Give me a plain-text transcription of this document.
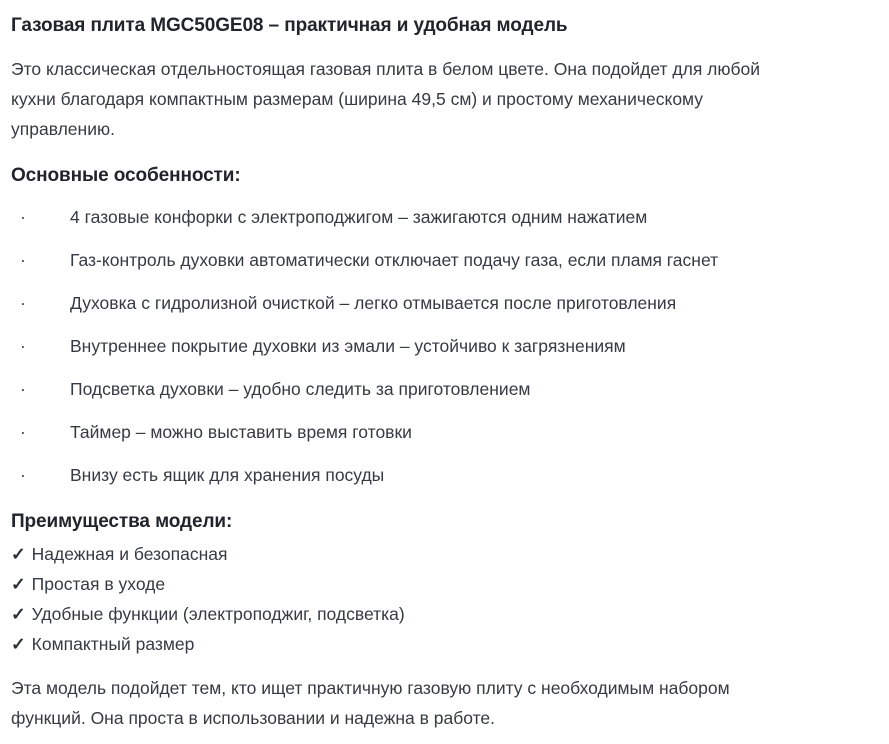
Газовая плита MGC50GE08 – практичная и удобная модель
Это классическая отдельностоящая газовая плита в белом цвете. Она подойдет для любой
кухни благодаря компактным размерам (ширина 49,5 см) и простому механическому
управлению.
Основные особенности:
·	4 газовые конфорки с электроподжигом – зажигаются одним нажатием
·	Газ-контроль духовки автоматически отключает подачу газа, если пламя гаснет
·	Духовка с гидролизной очисткой – легко отмывается после приготовления
·	Внутреннее покрытие духовки из эмали – устойчиво к загрязнениям
·	Подсветка духовки – удобно следить за приготовлением
·	Таймер – можно выставить время готовки
·	Внизу есть ящик для хранения посуды
Преимущества модели:
✓ Надежная и безопасная
✓ Простая в уходе
✓ Удобные функции (электроподжиг, подсветка)
✓ Компактный размер
Эта модель подойдет тем, кто ищет практичную газовую плиту с необходимым набором
функций. Она проста в использовании и надежна в работе.
